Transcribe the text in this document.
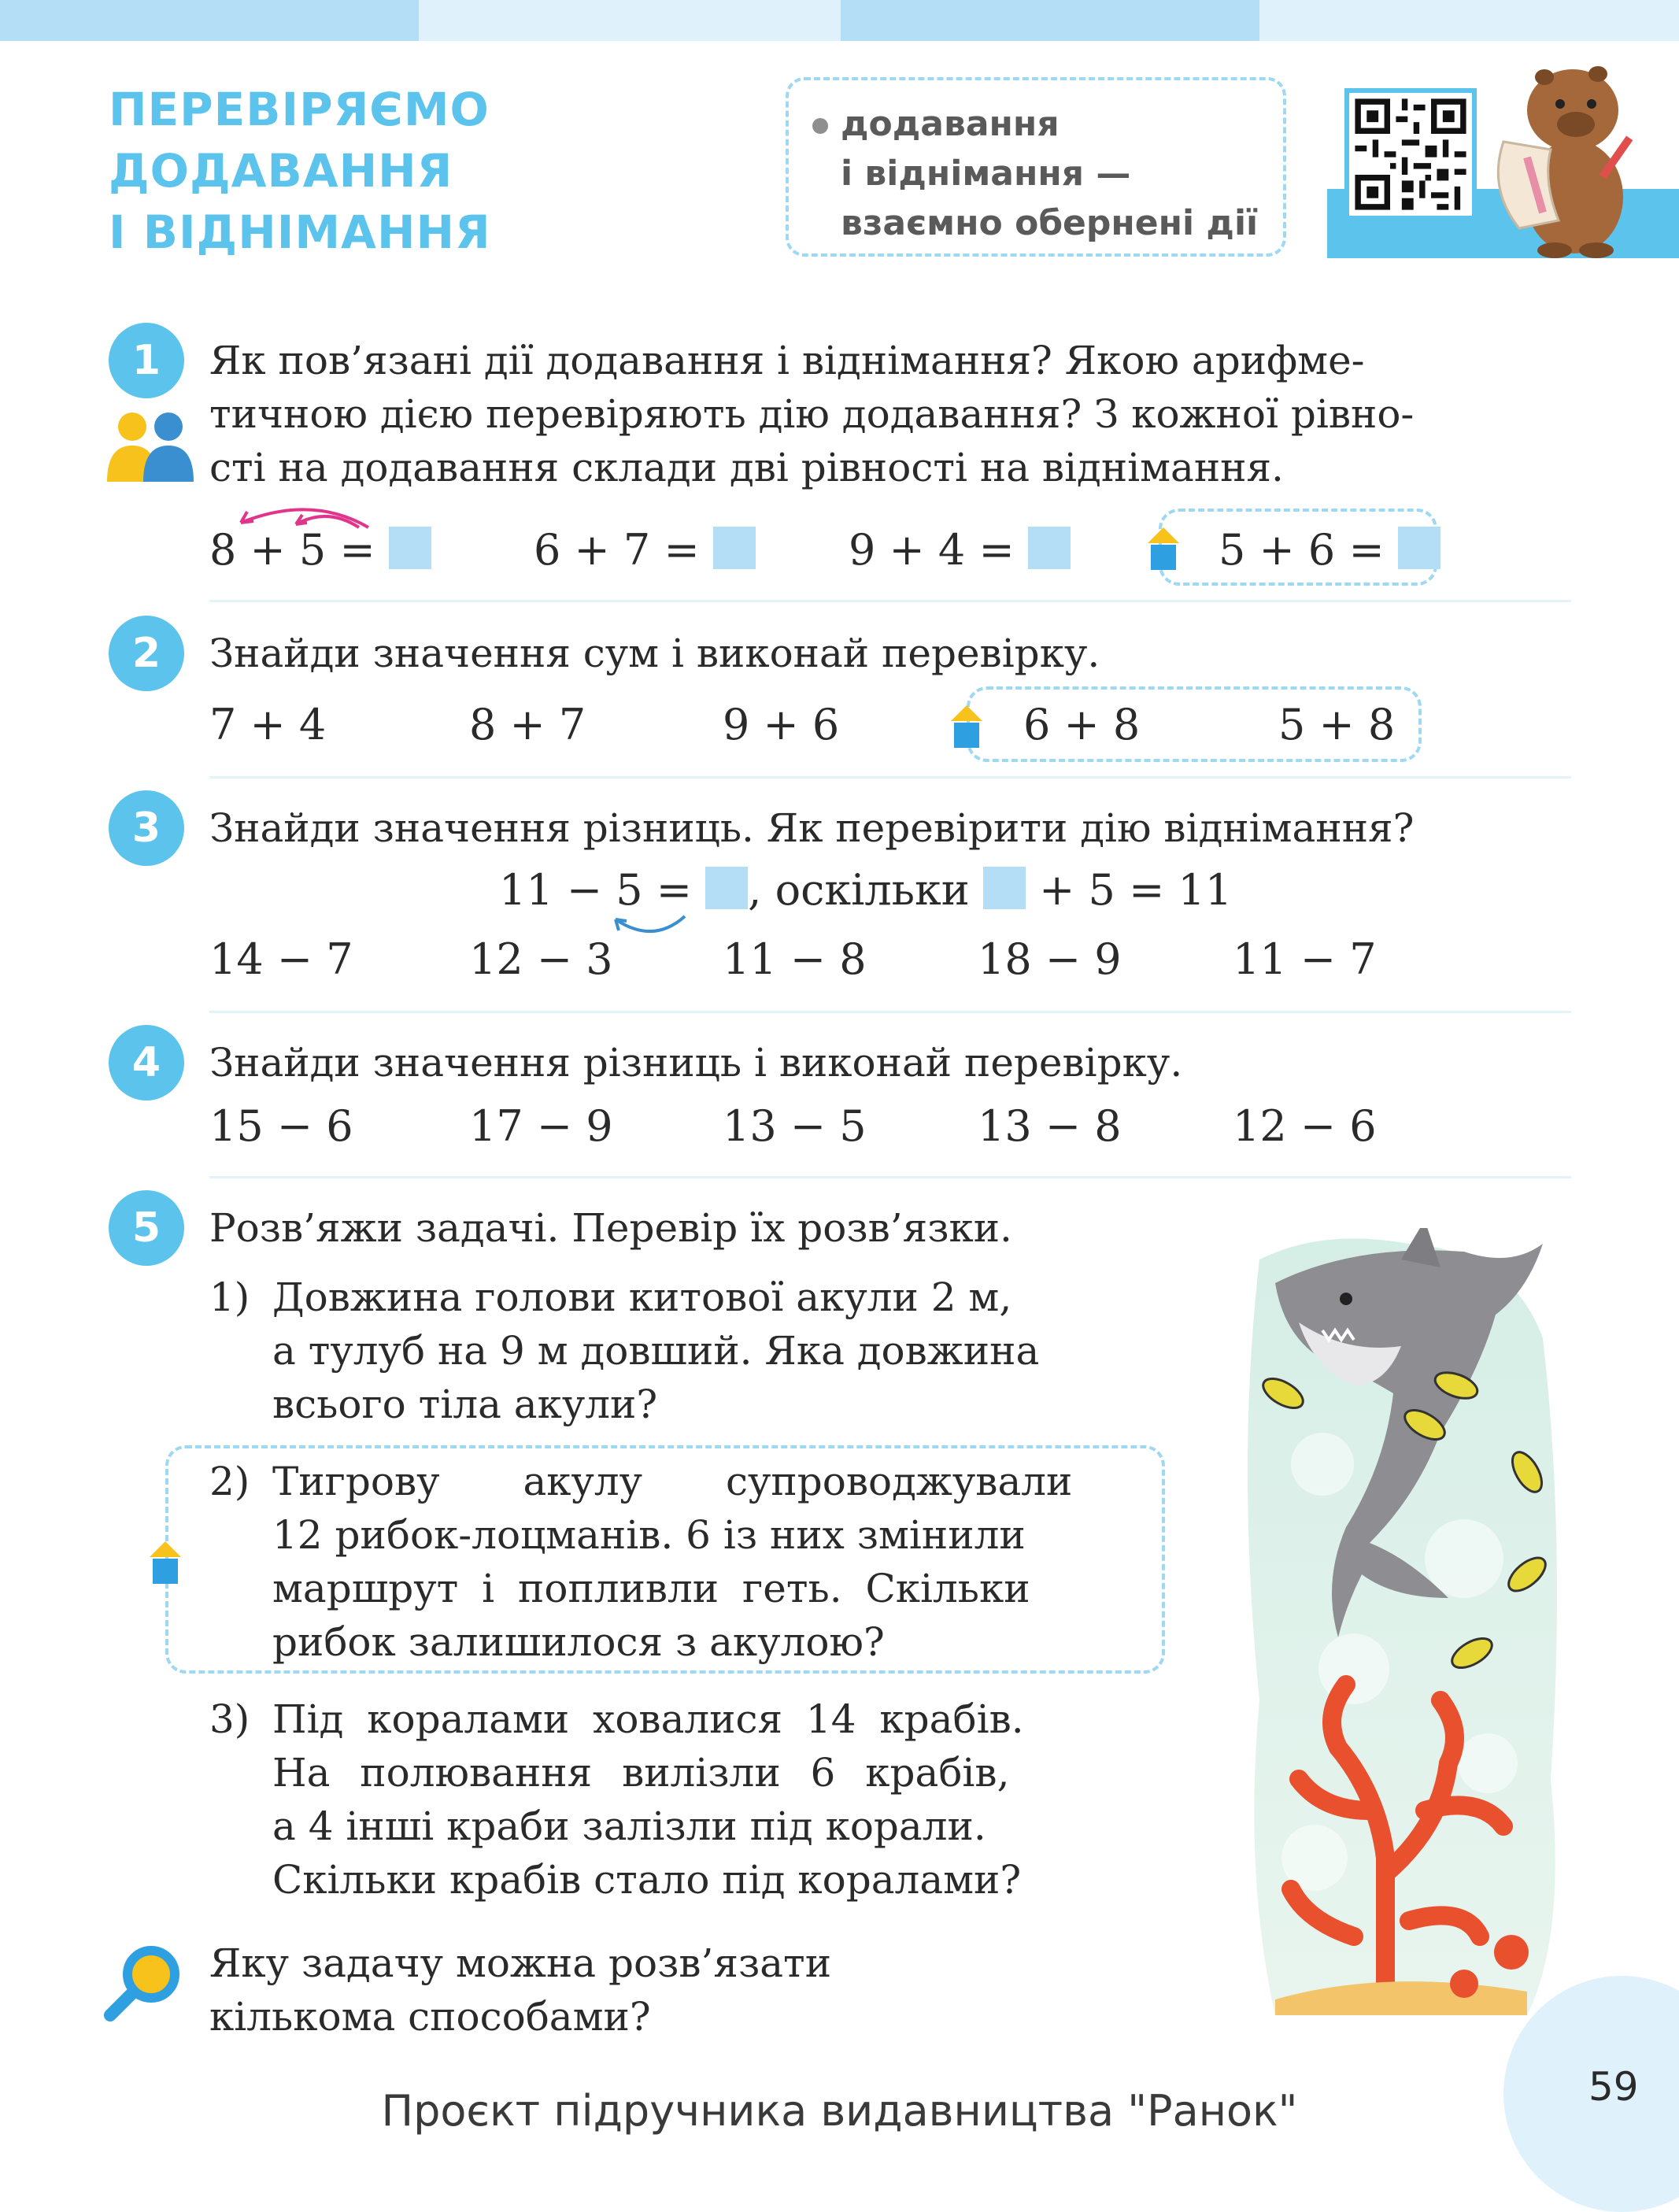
ПЕРЕВІРЯЄМО
ДОДАВАННЯ
І ВІДНІМАННЯ
додавання
і віднімання —
взаємно обернені дії
1	Як пов’язані дії додавання і віднімання? Якою арифме-
тичною дією перевіряють дію додавання? З кожної рівно-
сті на додавання склади дві рівності на віднімання.
8 + 5 =	6 + 7 =	9 + 4 =	5 + 6 =
2	Знайди значення сум і виконай перевірку.
7 + 4	8 + 7	9 + 6	6 + 8	5 + 8
3	Знайди значення різниць. Як перевірити дію віднімання?
11 − 5 = , оскільки + 5 = 11
14 − 7	12 − 3	11 − 8	18 − 9	11 − 7
4	Знайди значення різниць і виконай перевірку.
15 − 6	17 − 9	13 − 5	13 − 8	12 − 6
5	Розв’яжи задачі. Перевір їх розв’язки.
1) Довжина голови китової акули 2 м,
а тулуб на 9 м довший. Яка довжина
всього тіла акули?
2) Тигрову акулу супроводжували
12 рибок-лоцманів. 6 із них змінили
маршрут і попливли геть. Скільки
рибок залишилося з акулою?
3) Під коралами ховалися 14 крабів.
На полювання вилізли 6 крабів,
а 4 інші краби залізли під корали.
Скільки крабів стало під коралами?
Яку задачу можна розв’язати
кількома способами?
59
Проєкт підручника видавництва "Ранок"
